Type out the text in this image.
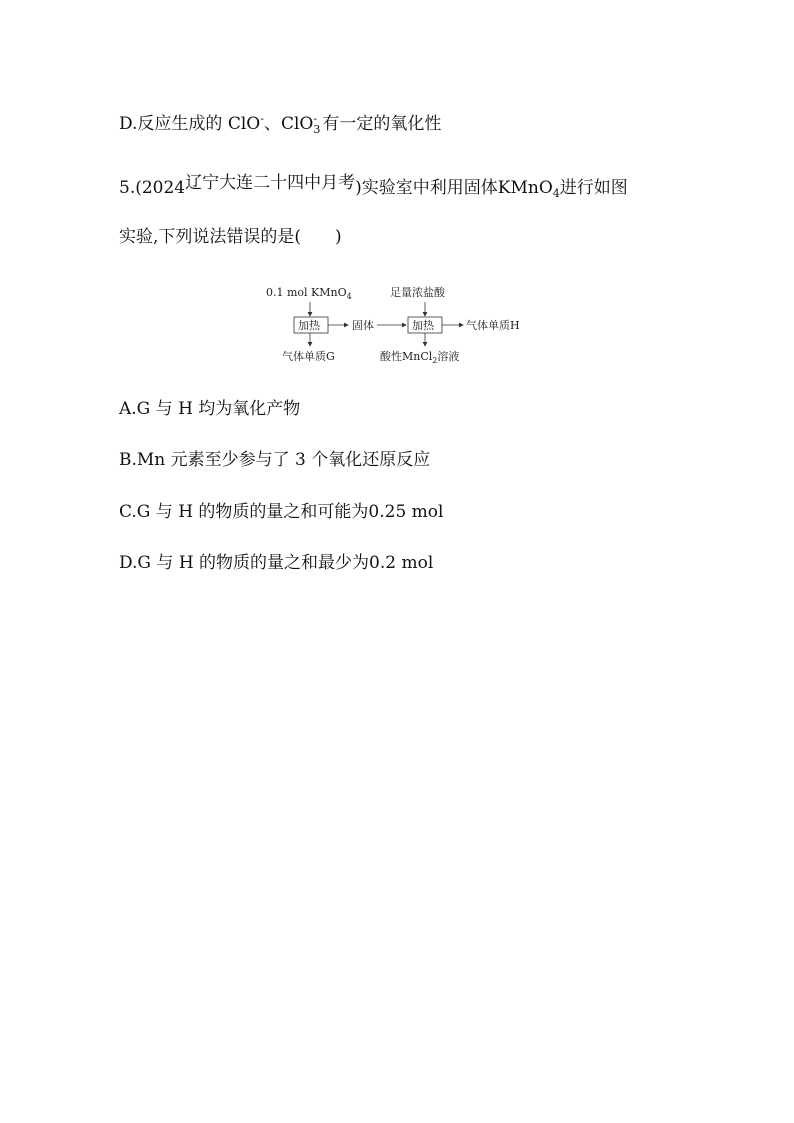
D.反应生成的 ClO-、ClO -
3 有一定的氧化性
5.(2024辽宁大连二十四中月考)实验室中利用固体KMnO$_4$进行如图
实验,下列说法错误的是(　　)
0.1 mol KMnO$_4$	足量浓盐酸
加热	加热
固体	气体单质H
气体单质G	酸性MnCl$_2$溶液
A.G 与 H 均为氧化产物
B.Mn 元素至少参与了 3 个氧化还原反应
C.G 与 H 的物质的量之和可能为0.25 mol
D.G 与 H 的物质的量之和最少为0.2 mol
